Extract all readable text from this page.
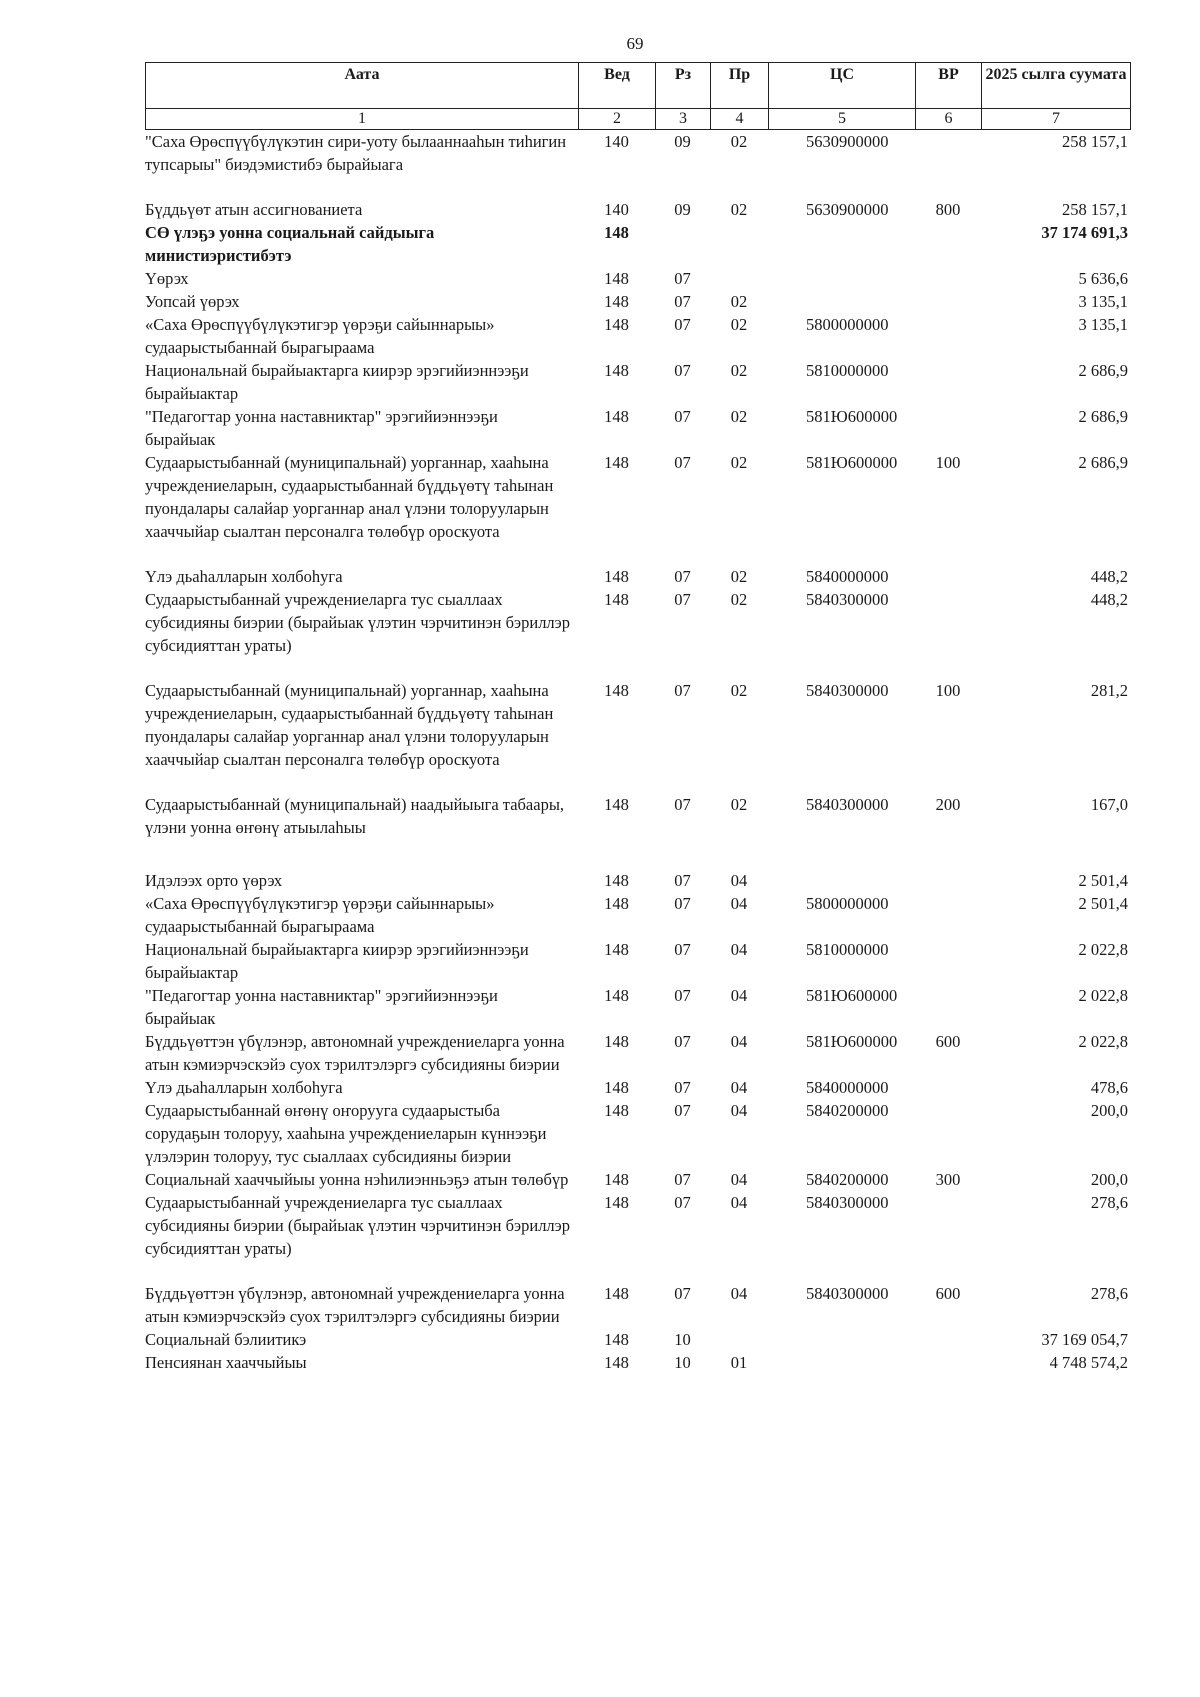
69
Аата	Вед	Рз	Пр	ЦС	ВР	2025 сылга суумата
1	2	3	4	5	6	7
"Саха Өрөспүүбүлүкэтин сири-уоту былааннааһын тиһигин тупсарыы" биэдэмистибэ бырайыага	140	09	02	5630900000		258 157,1
Бүддьүөт атын ассигнованиета	140	09	02	5630900000	800	258 157,1
СӨ үлэҕэ уонна социальнай сайдыыга министиэристибэтэ	148					37 174 691,3
Үөрэх	148	07				5 636,6
Уопсай үөрэх	148	07	02			3 135,1
«Саха Өрөспүүбүлүкэтигэр үөрэҕи сайыннарыы» судаарыстыбаннай бырагыраама	148	07	02	5800000000		3 135,1
Национальнай бырайыактарга киирэр эрэгийиэннээҕи бырайыактар	148	07	02	5810000000		2 686,9
"Педагогтар уонна наставниктар" эрэгийиэннээҕи бырайыак	148	07	02	581Ю600000		2 686,9
Судаарыстыбаннай (муниципальнай) уорганнар, хааһына учреждениеларын, судаарыстыбаннай бүддьүөтү таһынан пуондалары салайар уорганнар анал үлэни толорууларын хааччыйар сыалтан персоналга төлөбүр ороскуота	148	07	02	581Ю600000	100	2 686,9
Үлэ дьаһалларын холбоһуга	148	07	02	5840000000		448,2
Судаарыстыбаннай учреждениеларга тус сыаллаах субсидияны биэрии (бырайыак үлэтин чэрчитинэн бэриллэр субсидияттан ураты)	148	07	02	5840300000		448,2
Судаарыстыбаннай (муниципальнай) уорганнар, хааһына учреждениеларын, судаарыстыбаннай бүддьүөтү таһынан пуондалары салайар уорганнар анал үлэни толорууларын хааччыйар сыалтан персоналга төлөбүр ороскуота	148	07	02	5840300000	100	281,2
Судаарыстыбаннай (муниципальнай) наадыйыыга табаары, үлэни уонна өҥөнү атыылаһыы	148	07	02	5840300000	200	167,0
Идэлээх орто үөрэх	148	07	04			2 501,4
«Саха Өрөспүүбүлүкэтигэр үөрэҕи сайыннарыы» судаарыстыбаннай бырагыраама	148	07	04	5800000000		2 501,4
Национальнай бырайыактарга киирэр эрэгийиэннээҕи бырайыактар	148	07	04	5810000000		2 022,8
"Педагогтар уонна наставниктар" эрэгийиэннээҕи бырайыак	148	07	04	581Ю600000		2 022,8
Бүддьүөттэн үбүлэнэр, автономнай учреждениеларга уонна атын кэмиэрчэскэйэ суох тэрилтэлэргэ субсидияны биэрии	148	07	04	581Ю600000	600	2 022,8
Үлэ дьаһалларын холбоһуга	148	07	04	5840000000		478,6
Судаарыстыбаннай өҥөнү оҥорууга судаарыстыба сорудаҕын толоруу, хааһына учреждениеларын күннээҕи үлэлэрин толоруу, тус сыаллаах субсидияны биэрии	148	07	04	5840200000		200,0
Социальнай хааччыйыы уонна нэһилиэнньэҕэ атын төлөбүр	148	07	04	5840200000	300	200,0
Судаарыстыбаннай учреждениеларга тус сыаллаах субсидияны биэрии (бырайыак үлэтин чэрчитинэн бэриллэр субсидияттан ураты)	148	07	04	5840300000		278,6
Бүддьүөттэн үбүлэнэр, автономнай учреждениеларга уонна атын кэмиэрчэскэйэ суох тэрилтэлэргэ субсидияны биэрии	148	07	04	5840300000	600	278,6
Социальнай бэлиитикэ	148	10				37 169 054,7
Пенсиянан хааччыйыы	148	10	01			4 748 574,2
